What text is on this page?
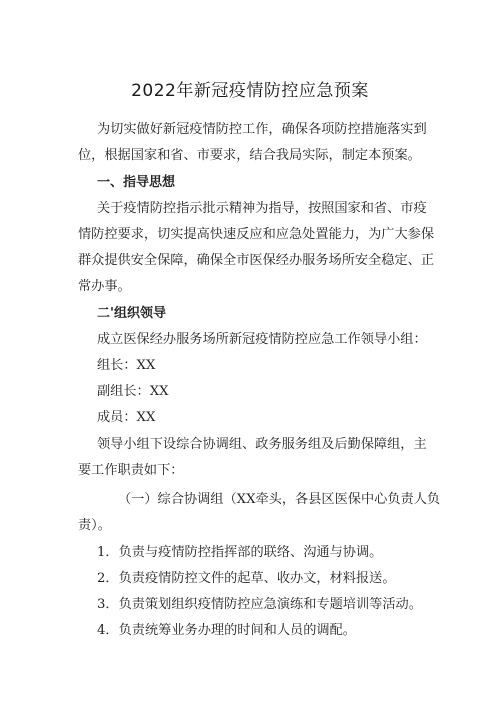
2022年新冠疫情防控应急预案
为切实做好新冠疫情防控工作，确保各项防控措施落实到
位，根据国家和省、市要求，结合我局实际，制定本预案。
一、指导思想
关于疫情防控指示批示精神为指导，按照国家和省、市疫
情防控要求，切实提高快速反应和应急处置能力，为广大参保
群众提供安全保障，确保全市医保经办服务场所安全稳定、正
常办事。
二'组织领导
成立医保经办服务场所新冠疫情防控应急工作领导小组：
组长：XX
副组长：XX
成员：XX
领导小组下设综合协调组、政务服务组及后勤保障组，主
要工作职责如下：
（一）综合协调组（XX牵头，各县区医保中心负责人负
责）。
1．负责与疫情防控指挥部的联络、沟通与协调。
2．负责疫情防控文件的起草、收办文，材料报送。
3．负责策划组织疫情防控应急演练和专题培训等活动。
4．负责统筹业务办理的时间和人员的调配。
